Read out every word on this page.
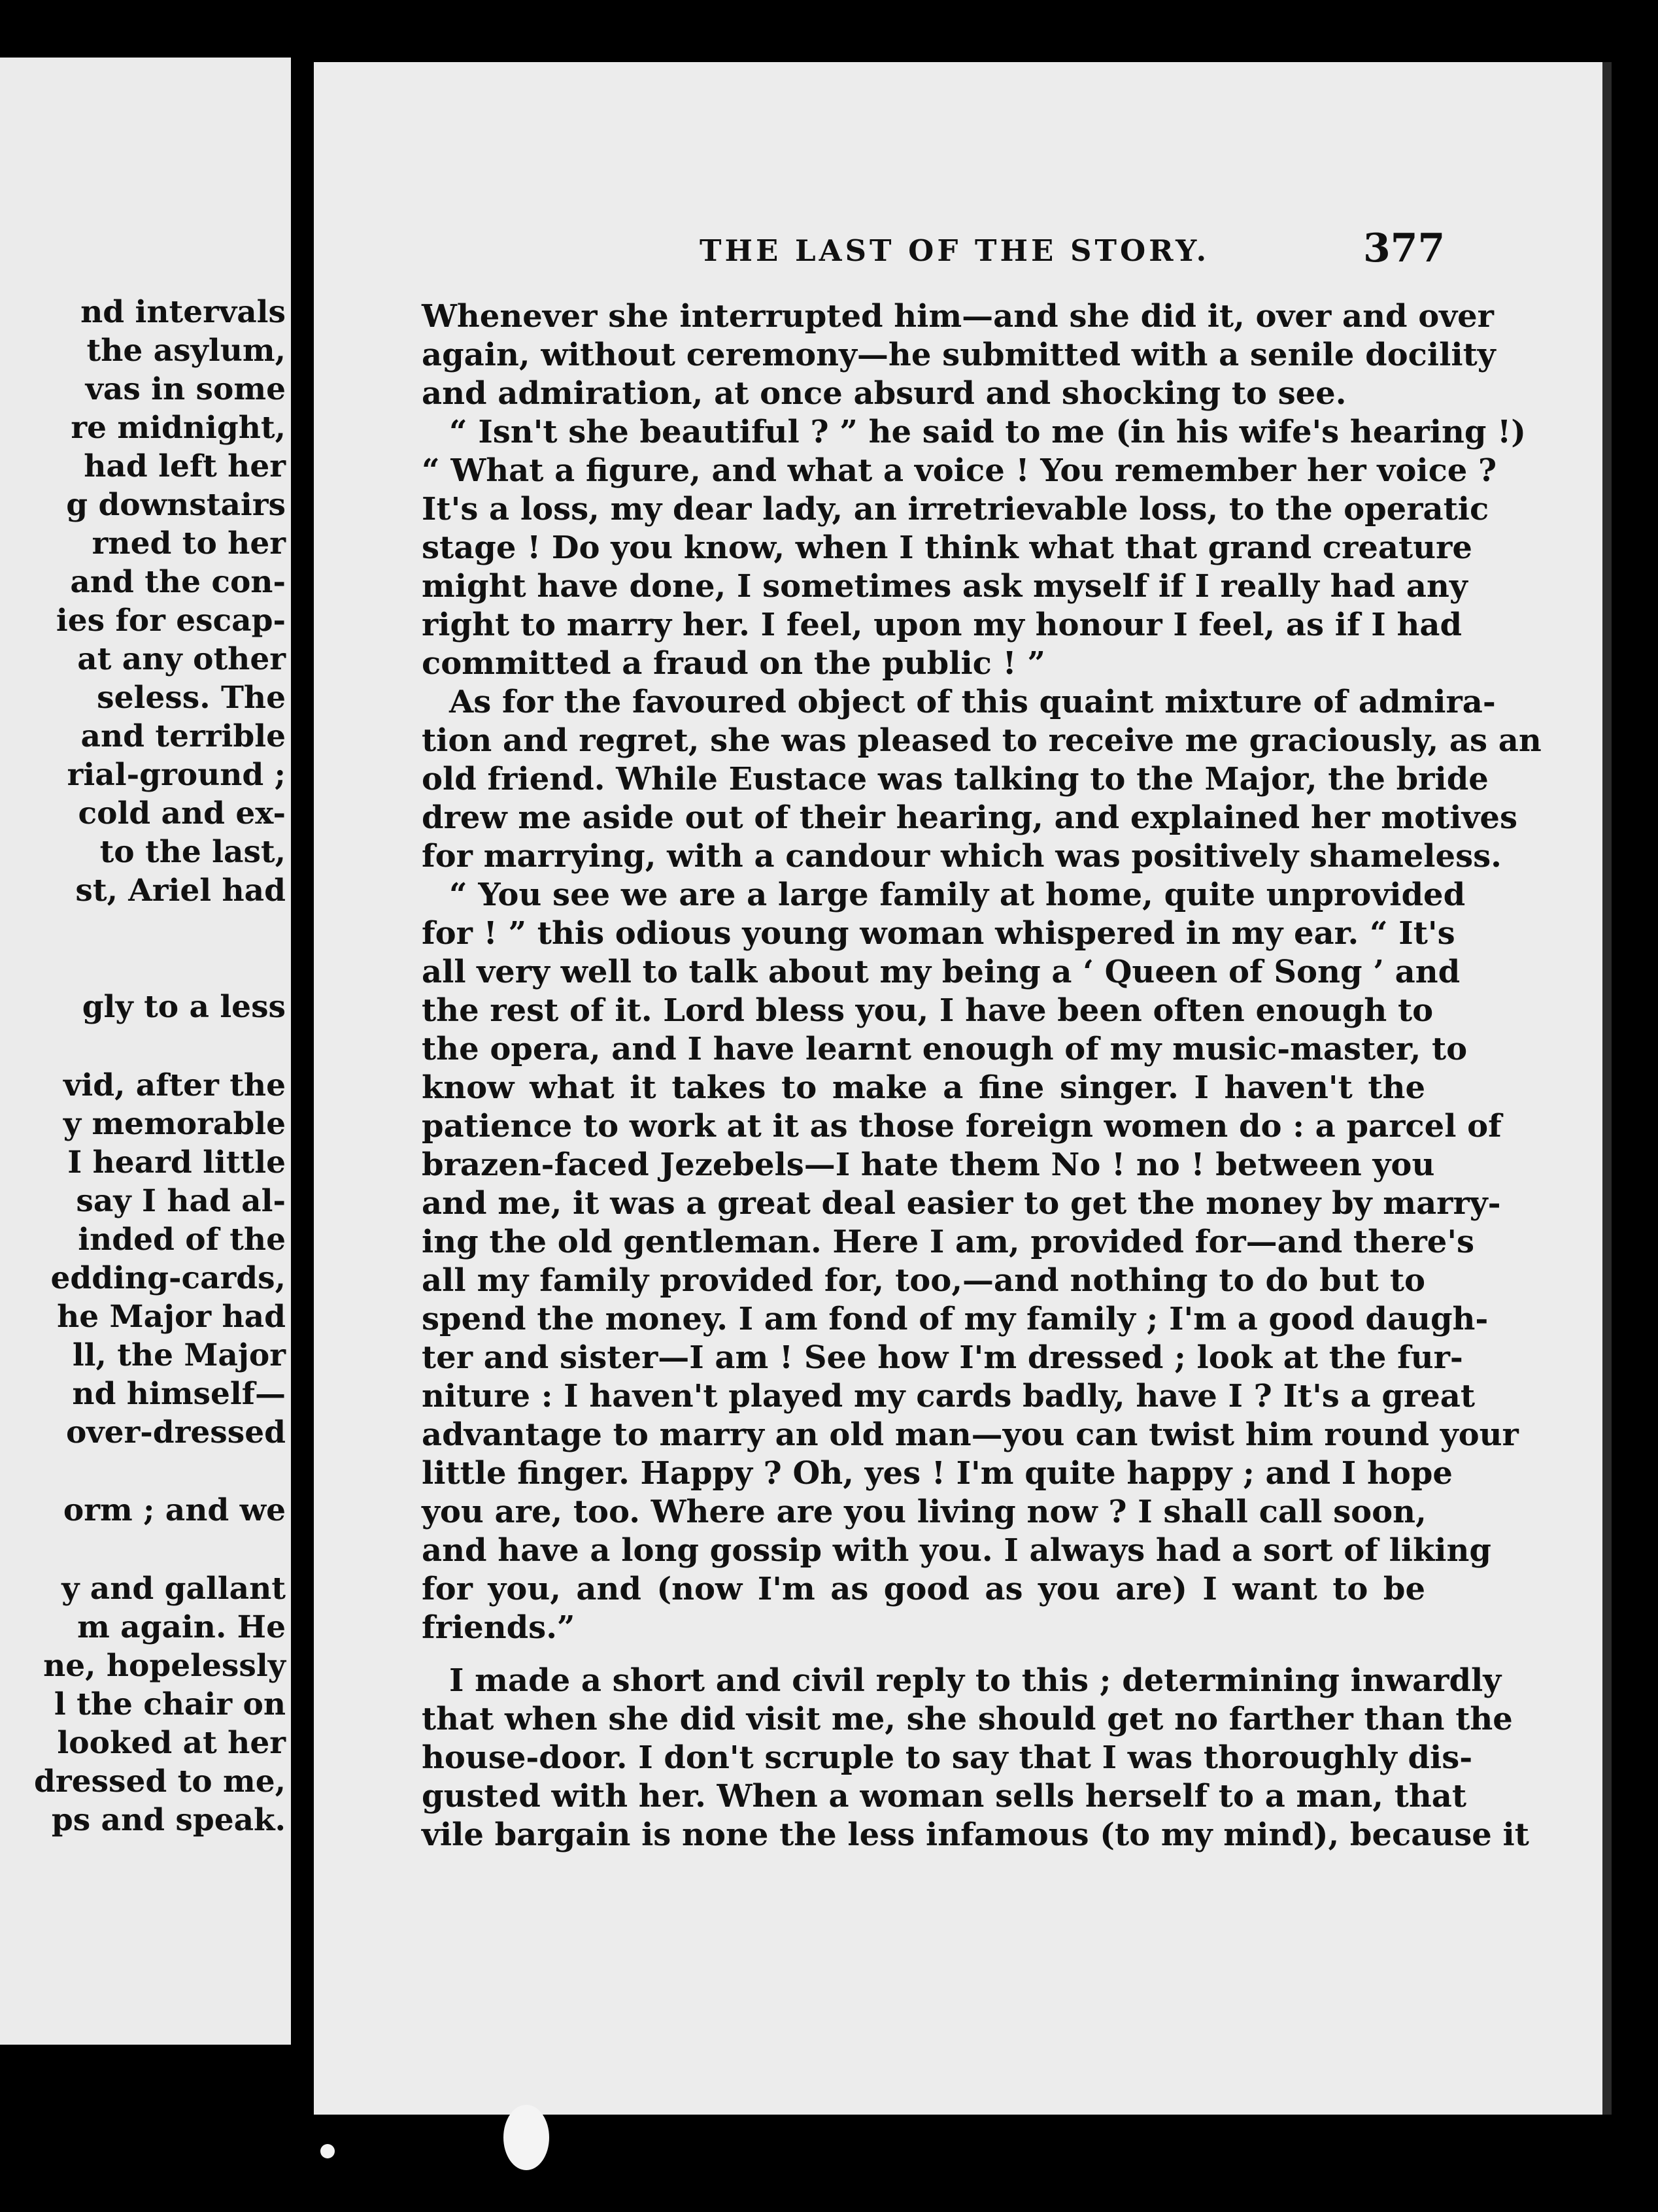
nd intervals
the asylum,
vas in some
re midnight,
had left her
g downstairs
rned to her
and the con-
ies for escap-
at any other
seless. The
and terrible
rial-ground ;
cold and ex-
to the last,
st, Ariel had
gly to a less
vid, after the
y memorable
I heard little
say I had al-
inded of the
edding-cards,
he Major had
ll, the Major
nd himself—
over-dressed
orm ; and we
y and gallant
m again. He
ne, hopelessly
l the chair on
looked at her
dressed to me,
ps and speak.
THE LAST OF THE STORY.	377
Whenever she interrupted him—and she did it, over and over
again, without ceremony—he submitted with a senile docility
and admiration, at once absurd and shocking to see.
“ Isn't she beautiful ? ” he said to me (in his wife's hearing !)
“ What a figure, and what a voice ! You remember her voice ?
It's a loss, my dear lady, an irretrievable loss, to the operatic
stage ! Do you know, when I think what that grand creature
might have done, I sometimes ask myself if I really had any
right to marry her. I feel, upon my honour I feel, as if I had
committed a fraud on the public ! ”
As for the favoured object of this quaint mixture of admira-
tion and regret, she was pleased to receive me graciously, as an
old friend. While Eustace was talking to the Major, the bride
drew me aside out of their hearing, and explained her motives
for marrying, with a candour which was positively shameless.
“ You see we are a large family at home, quite unprovided
for ! ” this odious young woman whispered in my ear. “ It's
all very well to talk about my being a ‘ Queen of Song ’ and
the rest of it. Lord bless you, I have been often enough to
the opera, and I have learnt enough of my music-master, to
know what it takes to make a fine singer. I haven't the
patience to work at it as those foreign women do : a parcel of
brazen-faced Jezebels—I hate them No ! no ! between you
and me, it was a great deal easier to get the money by marry-
ing the old gentleman. Here I am, provided for—and there's
all my family provided for, too,—and nothing to do but to
spend the money. I am fond of my family ; I'm a good daugh-
ter and sister—I am ! See how I'm dressed ; look at the fur-
niture : I haven't played my cards badly, have I ? It's a great
advantage to marry an old man—you can twist him round your
little finger. Happy ? Oh, yes ! I'm quite happy ; and I hope
you are, too. Where are you living now ? I shall call soon,
and have a long gossip with you. I always had a sort of liking
for you, and (now I'm as good as you are) I want to be
friends.”
I made a short and civil reply to this ; determining inwardly
that when she did visit me, she should get no farther than the
house-door. I don't scruple to say that I was thoroughly dis-
gusted with her. When a woman sells herself to a man, that
vile bargain is none the less infamous (to my mind), because it
